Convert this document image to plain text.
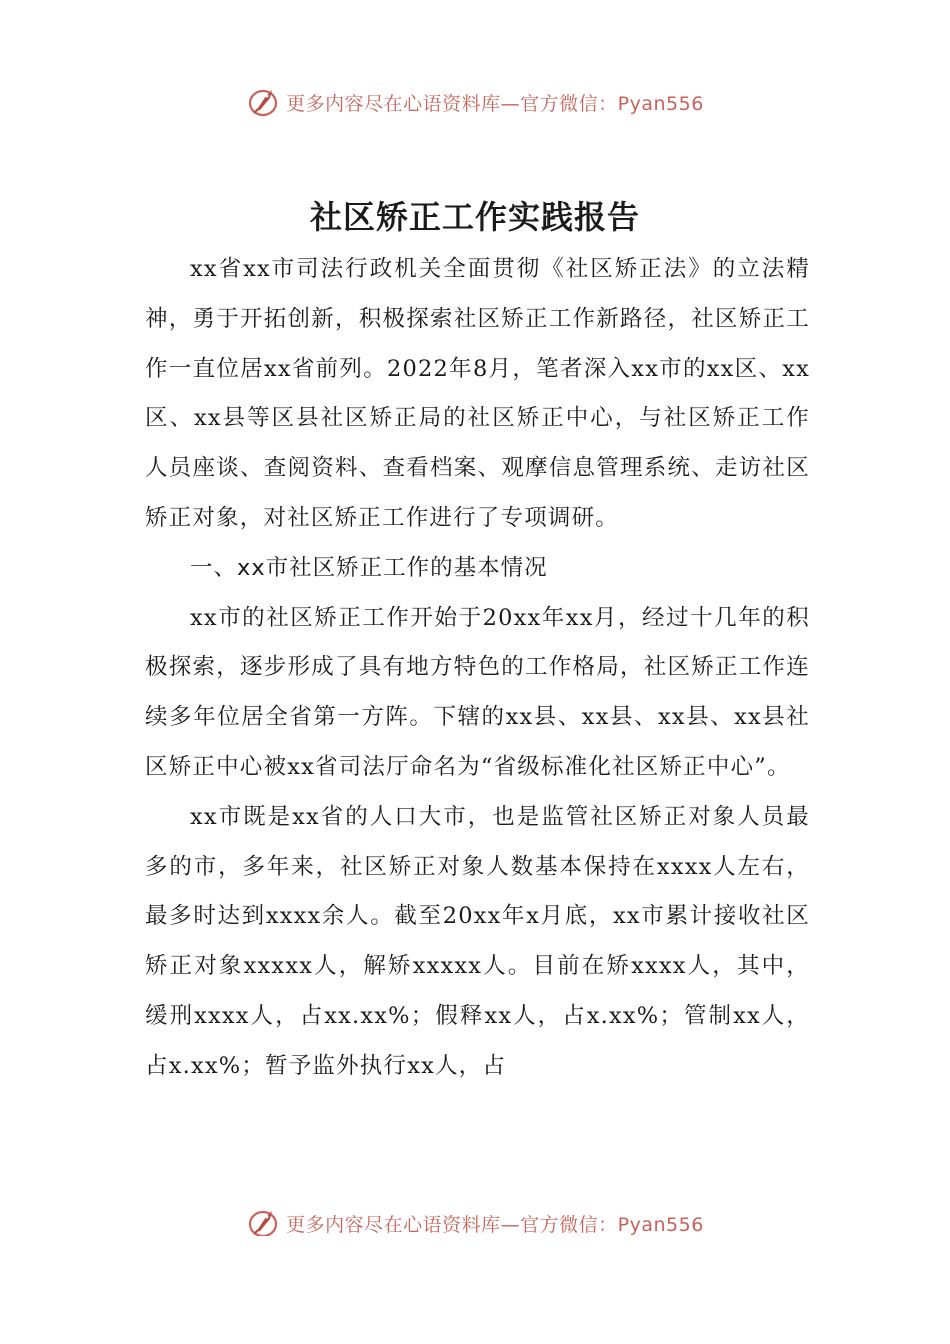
更多内容尽在心语资料库—官方微信：Pyan556
社区矫正工作实践报告

xx省xx市司法行政机关全面贯彻《社区矫正法》的立法精神，勇于开拓创新，积极探索社区矫正工作新路径，社区矫正工作一直位居xx省前列。2022年8月，笔者深入xx市的xx区、xx区、xx县等区县社区矫正局的社区矫正中心，与社区矫正工作人员座谈、查阅资料、查看档案、观摩信息管理系统、走访社区矫正对象，对社区矫正工作进行了专项调研。

一、xx市社区矫正工作的基本情况

xx市的社区矫正工作开始于20xx年xx月，经过十几年的积极探索，逐步形成了具有地方特色的工作格局，社区矫正工作连续多年位居全省第一方阵。下辖的xx县、xx县、xx县、xx县社区矫正中心被xx省司法厅命名为“省级标准化社区矫正中心”。

xx市既是xx省的人口大市，也是监管社区矫正对象人员最多的市，多年来，社区矫正对象人数基本保持在xxxx人左右，最多时达到xxxx余人。截至20xx年x月底，xx市累计接收社区矫正对象xxxxx人，解矫xxxxx人。目前在矫xxxx人，其中，缓刑xxxx人，占xx.xx%；假释xx人，占x.xx%；管制xx人，占x.xx%；暂予监外执行xx人，占

更多内容尽在心语资料库—官方微信：Pyan556
